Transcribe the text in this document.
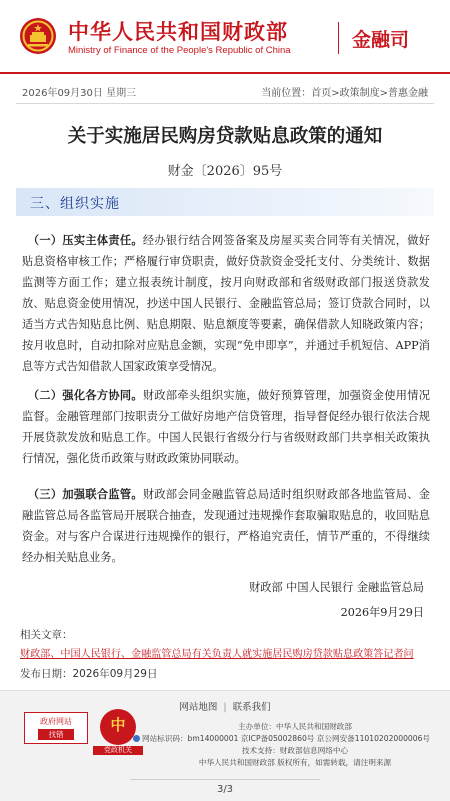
中华人民共和国财政部
Ministry of Finance of the People's Republic of China	金融司
2026年09月30日 星期三	当前位置：首页>政策制度>普惠金融
关于实施居民购房贷款贴息政策的通知
财金〔2026〕95号
三、组织实施

　（一）压实主体责任。经办银行结合网签备案及房屋买卖合同等有关情况，做好贴息资格审核工作；严格履行审贷职责，做好贷款资金受托支付、分类统计、数据监测等方面工作；建立报表统计制度，按月向财政部和省级财政部门报送贷款发放、贴息资金使用情况，抄送中国人民银行、金融监管总局；签订贷款合同时，以适当方式告知贴息比例、贴息期限、贴息额度等要素，确保借款人知晓政策内容；按月收息时，自动扣除对应贴息金额，实现“免申即享”，并通过手机短信、APP消息等方式告知借款人国家政策享受情况。

　（二）强化各方协同。财政部牵头组织实施，做好预算管理，加强资金使用情况监督。金融管理部门按职责分工做好房地产信贷管理，指导督促经办银行依法合规开展贷款发放和贴息工作。中国人民银行省级分行与省级财政部门共享相关政策执行情况，强化货币政策与财政政策协同联动。

　（三）加强联合监管。财政部会同金融监管总局适时组织财政部各地监管局、金融监管总局各监管局开展联合抽查，发现通过违规操作套取骗取贴息的，收回贴息资金。对与客户合谋进行违规操作的银行，严格追究责任，情节严重的，不得继续经办相关贴息业务。

财政部 中国人民银行 金融监管总局
2026年9月29日
相关文章：
财政部、中国人民银行、金融监管总局有关负责人就实施居民购房贷款贴息政策答记者问
发布日期：2026年09月29日
网站地图 | 联系我们
政府网站
找错
中
党政机关
主办单位：中华人民共和国财政部
网站标识码：bm14000001 京ICP备05002860号 京公网安备11010202000006号
技术支持：财政部信息网络中心
中华人民共和国财政部 版权所有，如需转载，请注明来源
3/3
